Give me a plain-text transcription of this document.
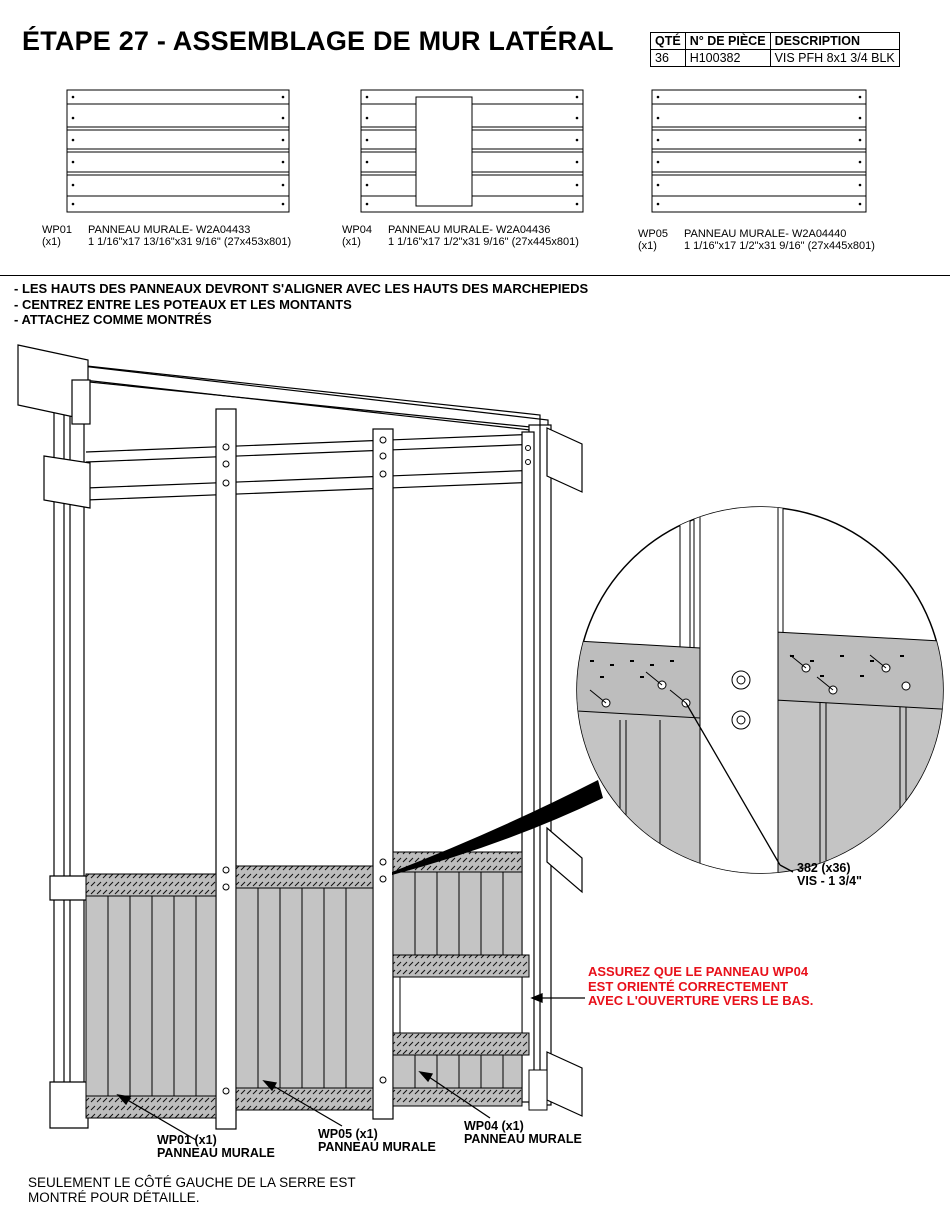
ÉTAPE 27 - ASSEMBLAGE DE MUR LATÉRAL	QTÉ	N° DE PIÈCE	DESCRIPTION
36	H100382	VIS PFH 8x1 3/4 BLK
WP01 PANNEAU MURALE- W2A04433
(x1) 1 1/16"x17 13/16"x31 9/16" (27x453x801)
WP04 PANNEAU MURALE- W2A04436
(x1) 1 1/16"x17 1/2"x31 9/16" (27x445x801)
WP05 PANNEAU MURALE- W2A04440
(x1) 1 1/16"x17 1/2"x31 9/16" (27x445x801)
- LES HAUTS DES PANNEAUX DEVRONT S'ALIGNER AVEC LES HAUTS DES MARCHEPIEDS
- CENTREZ ENTRE LES POTEAUX ET LES MONTANTS
- ATTACHEZ COMME MONTRÉS
382 (x36)
VIS - 1 3/4"
WP01 (x1)
PANNEAU MURALE
WP05 (x1)
PANNEAU MURALE
WP04 (x1)
PANNEAU MURALE
ASSUREZ QUE LE PANNEAU WP04
EST ORIENTÉ CORRECTEMENT
AVEC L'OUVERTURE VERS LE BAS.
SEULEMENT LE CÔTÉ GAUCHE DE LA SERRE EST
MONTRÉ POUR DÉTAILLE.
